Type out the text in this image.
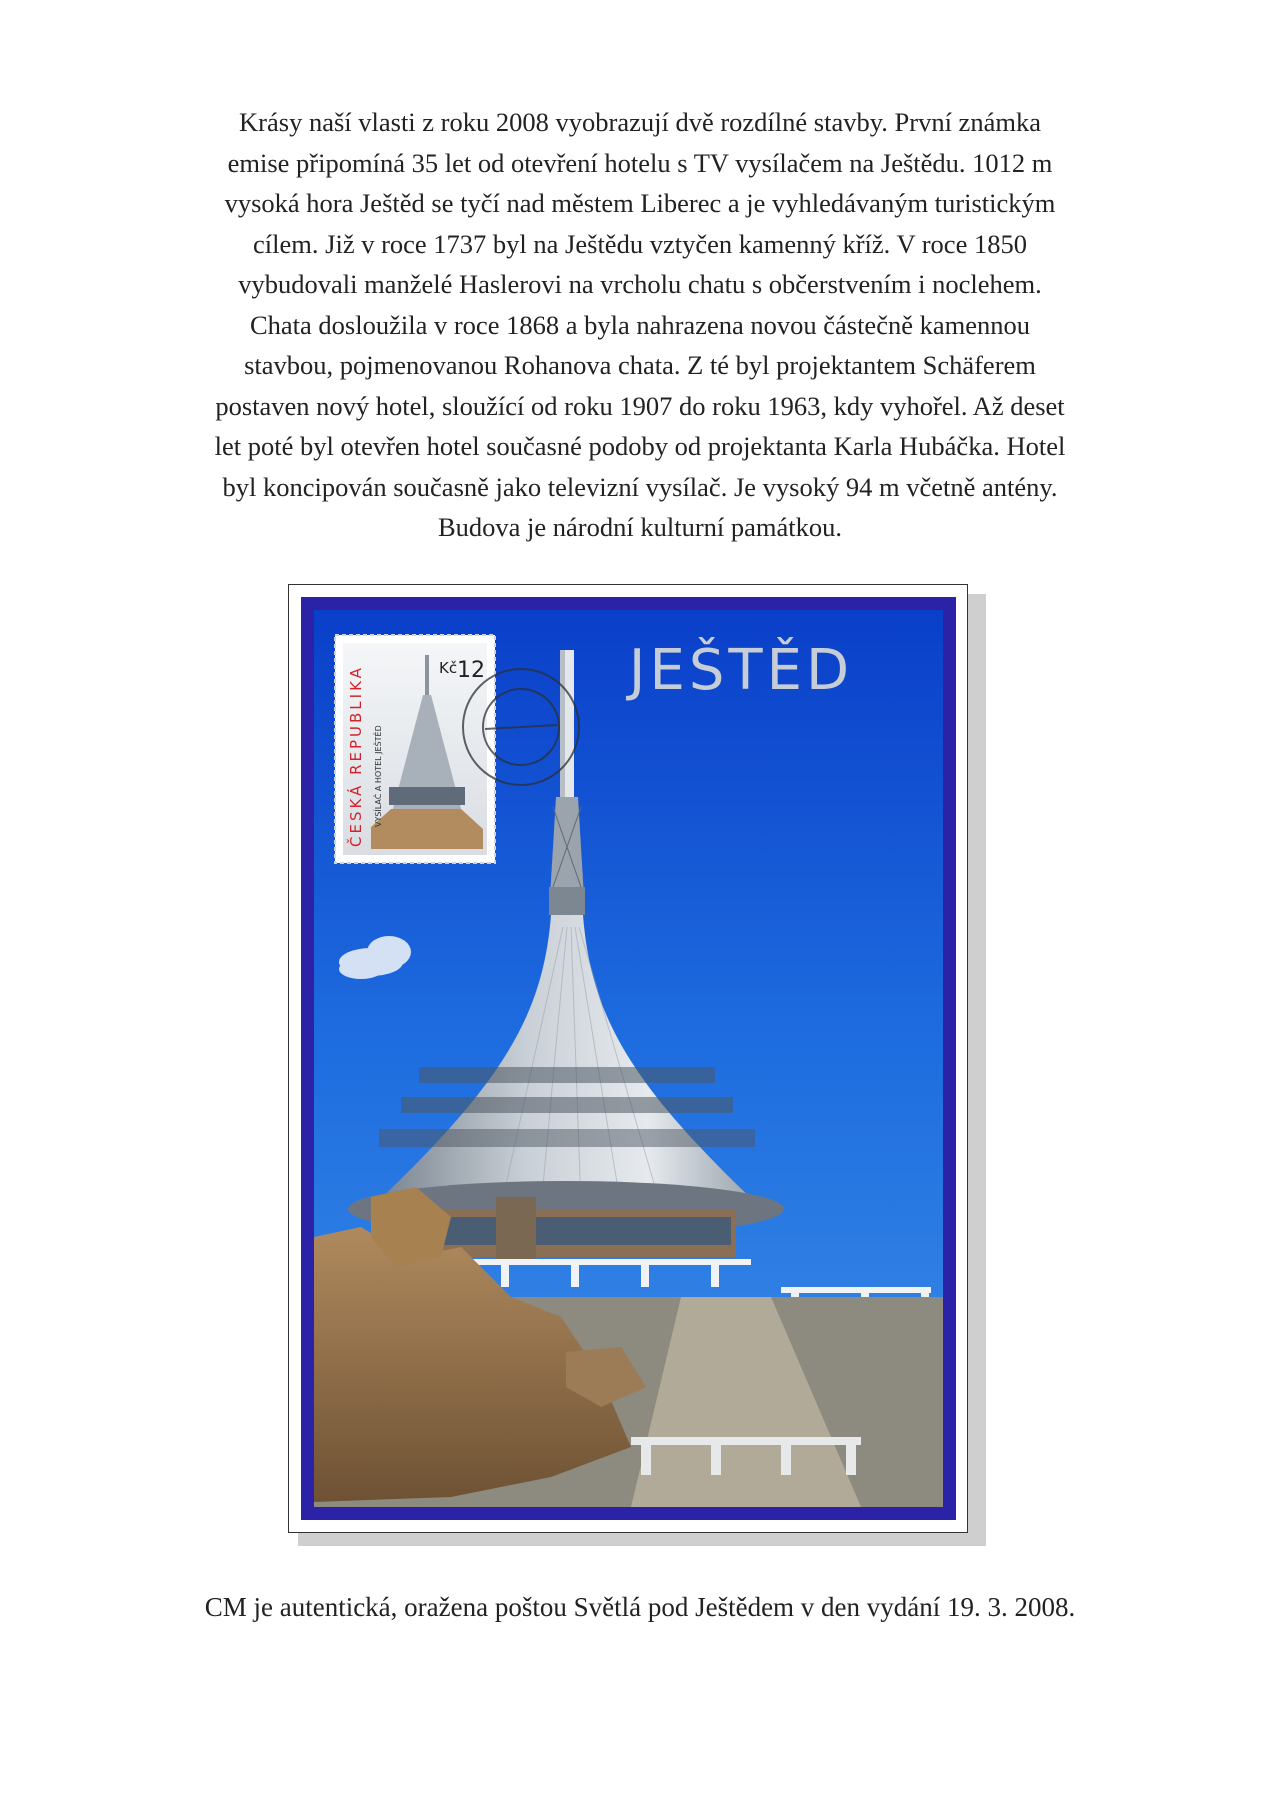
Krásy naší vlasti z roku 2008 vyobrazují dvě rozdílné stavby. První známka
emise připomíná 35 let od otevření hotelu s TV vysílačem na Ještědu. 1012 m
vysoká hora Ještěd se tyčí nad městem Liberec a je vyhledávaným turistickým
cílem. Již v roce 1737 byl na Ještědu vztyčen kamenný kříž. V roce 1850
vybudovali manželé Haslerovi na vrcholu chatu s občerstvením i noclehem.
Chata dosloužila v roce 1868 a byla nahrazena novou částečně kamennou
stavbou, pojmenovanou Rohanova chata. Z té byl projektantem Schäferem
postaven nový hotel, sloužící od roku 1907 do roku 1963, kdy vyhořel. Až deset
let poté byl otevřen hotel současné podoby od projektanta Karla Hubáčka. Hotel
byl koncipován současně jako televizní vysílač. Je vysoký 94 m včetně antény.
Budova je národní kulturní památkou.
JEŠTĚD
ČESKÁ REPUBLIKA VYSÍLAČ A HOTEL JEŠTĚD
Kč 12
CM je autentická, oražena poštou Světlá pod Ještědem v den vydání 19. 3. 2008.
